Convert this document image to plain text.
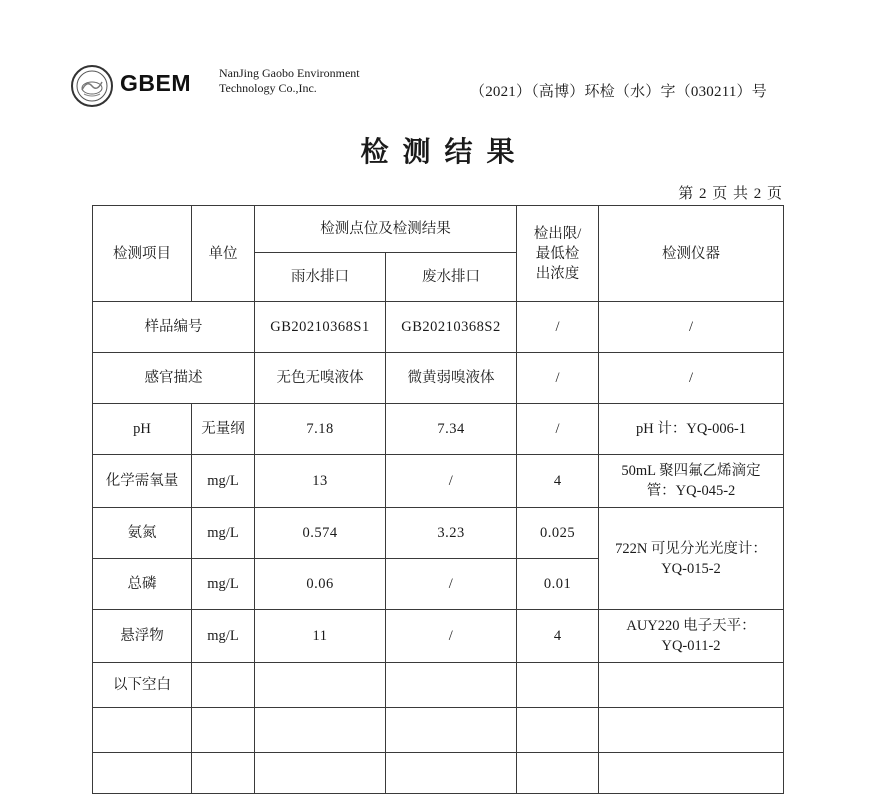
GBEM NanJing Gaobo Environment Technology Co.,Inc.	（2021）（高博）环检（水）字（030211）号
检测结果
第 2 页 共 2 页
检测项目	单位	检测点位及检测结果		检出限/
最低检
出浓度	检测仪器
		雨水排口	废水排口		
样品编号		GB20210368S1	GB20210368S2	/	/
感官描述		无色无嗅液体	微黄弱嗅液体	/	/
pH	无量纲	7.18	7.34	/	pH 计：YQ-006-1
化学需氧量	mg/L	13	/	4	50mL 聚四氟乙烯滴定
管：YQ-045-2

氨氮	mg/L	0.574	3.23	0.025	722N 可见分光光度计：
YQ-015-2

总磷	mg/L	0.06	/	0.01	
悬浮物	mg/L	11	/	4	AUY220 电子天平：
YQ-011-2

以下空白					
